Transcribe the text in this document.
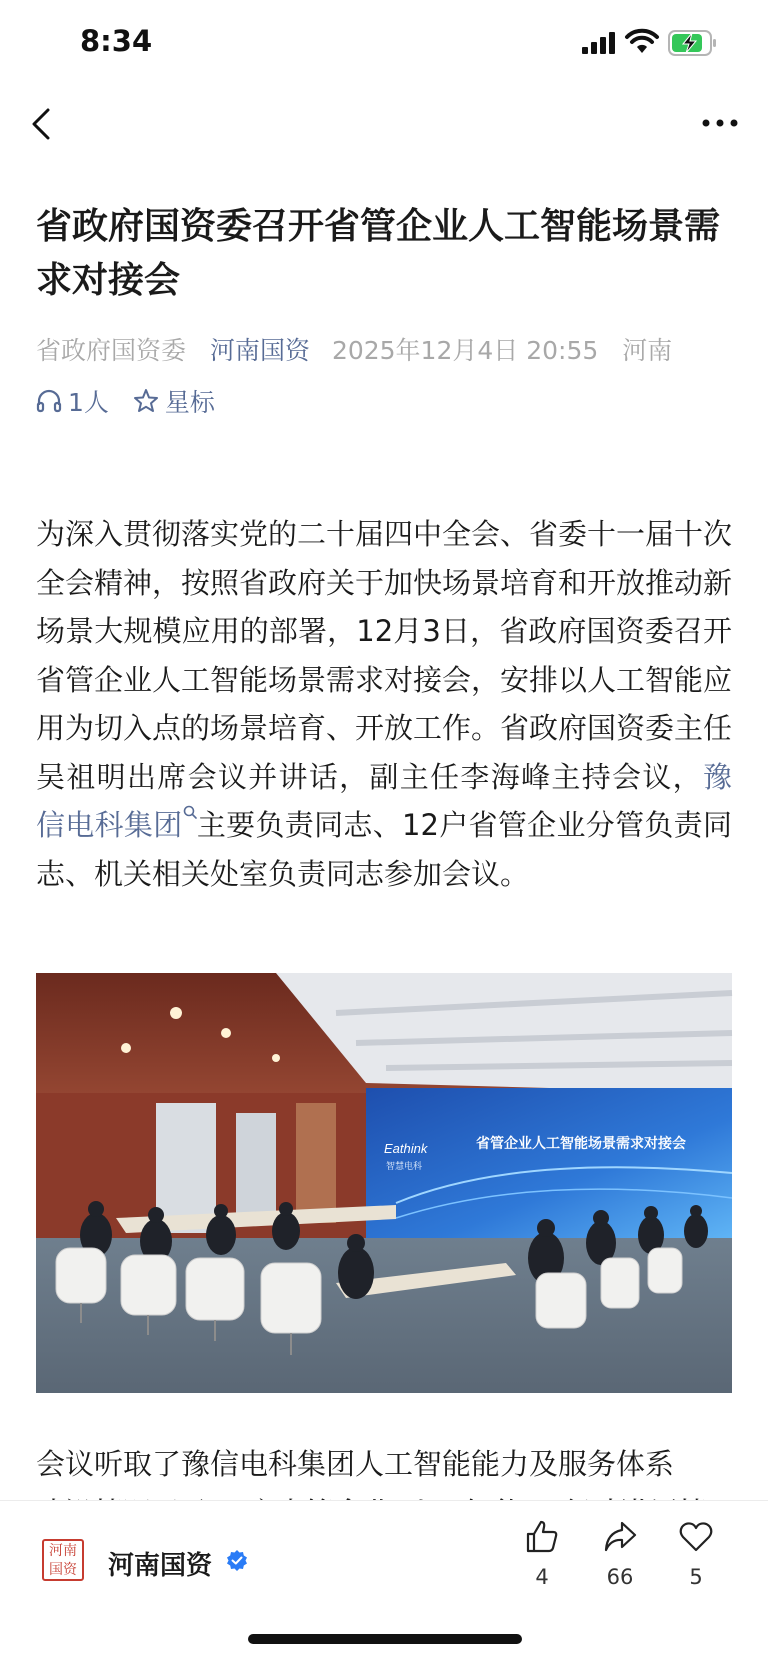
8:34
省政府国资委召开省管企业人工智能场景需求对接会
省政府国资委 河南国资 2025年12月4日 20:55 河南
1人 星标

为深入贯彻落实党的二十届四中全会、省委十一届十次全会精神，按照省政府关于加快场景培育和开放推动新场景大规模应用的部署，12月3日，省政府国资委召开省管企业人工智能场景需求对接会，安排以人工智能应用为切入点的场景培育、开放工作。省政府国资委主任吴祖明出席会议并讲话，副主任李海峰主持会议，豫信电科集团 主要负责同志、12户省管企业分管负责同志、机关相关处室负责同志参加会议。

Eathink
智慧电科
省管企业人工智能场景需求对接会
会议听取了豫信电科集团人工智能能力及服务体系
河 南
国 资 河南国资	4	66	5
